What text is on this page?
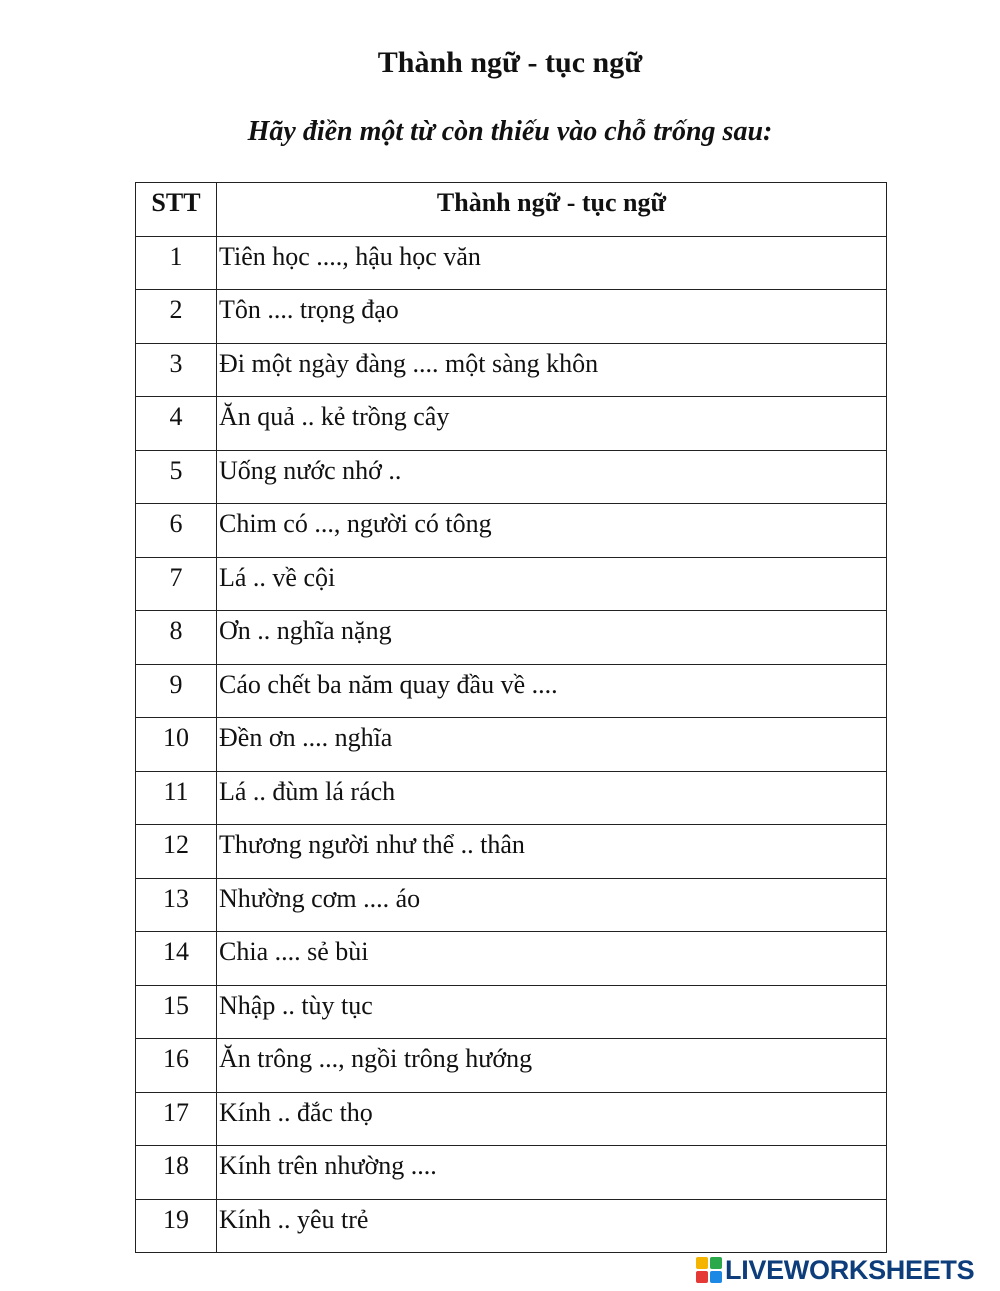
Thành ngữ - tục ngữ
Hãy điền một từ còn thiếu vào chỗ trống sau:
STT	Thành ngữ - tục ngữ
1	Tiên học ...., hậu học văn
2	Tôn .... trọng đạo
3	Đi một ngày đàng .... một sàng khôn
4	Ăn quả .. kẻ trồng cây
5	Uống nước nhớ ..
6	Chim có ..., người có tông
7	Lá .. về cội
8	Ơn .. nghĩa nặng
9	Cáo chết ba năm quay đầu về ....
10	Đền ơn .... nghĩa
11	Lá .. đùm lá rách
12	Thương người như thể .. thân
13	Nhường cơm .... áo
14	Chia .... sẻ bùi
15	Nhập .. tùy tục
16	Ăn trông ..., ngồi trông hướng
17	Kính .. đắc thọ
18	Kính trên nhường ....
19	Kính .. yêu trẻ
LIVEWORKSHEETS
